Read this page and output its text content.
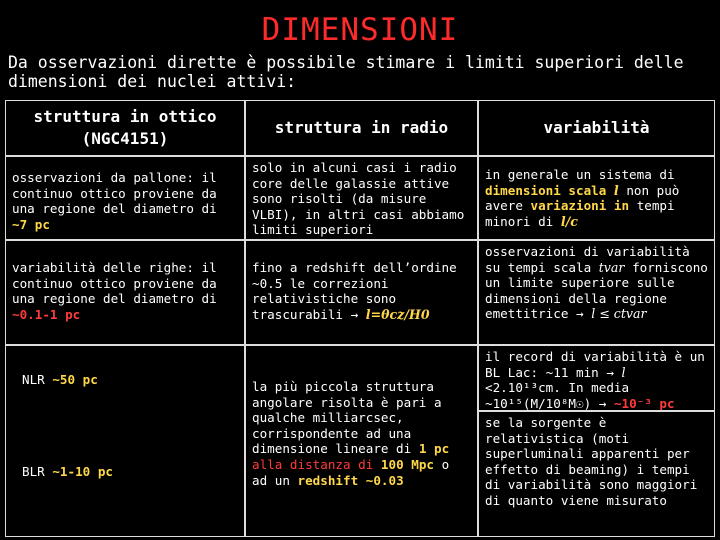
DIMENSIONI
Da osservazioni dirette è possibile stimare i limiti superiori delle dimensioni dei nuclei attivi:
struttura in ottico (NGC4151)
struttura in radio	variabilità
osservazioni da pallone: il continuo ottico proviene da una regione del diametro di ~7 pc
variabilità delle righe: il continuo ottico proviene da una regione del diametro di ~0.1-1 pc
NLR ~50 pc
BLR ~1-10 pc
solo in alcuni casi i radio core delle galassie attive sono risolti (da misure VLBI), in altri casi abbiamo limiti superiori
fino a redshift dell’ordine ~0.5 le correzioni relativistiche sono trascurabili → l=θcz/H0
la più piccola struttura angolare risolta è pari a qualche milliarcsec, corrispondente ad una dimensione lineare di 1 pc alla distanza di 100 Mpc o ad un redshift ~0.03
in generale un sistema di dimensioni scala l non può avere variazioni in tempi minori di l/c
osservazioni di variabilità su tempi scala tvar forniscono un limite superiore sulle dimensioni della regione emettitrice → l ≤ ctvar
il record di variabilità è un BL Lac: ~11 min → l <2.10¹³cm. In media ~10¹⁵(M/10⁸M☉) → ~10⁻³ pc
se la sorgente è relativistica (moti superluminali apparenti per effetto di beaming) i tempi di variabilità sono maggiori di quanto viene misurato
